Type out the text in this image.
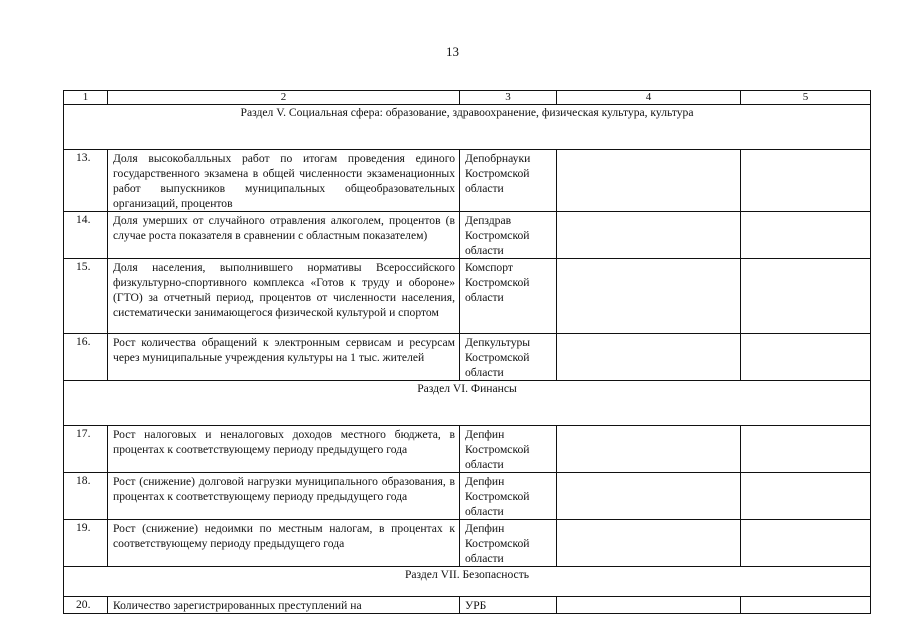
13
1	2	3	4	5
Раздел V. Социальная сфера: образование, здравоохранение, физическая культура, культура				
13.	Доля высокобалльных работ по итогам проведения единого государственного экзамена в общей численности экзаменационных работ выпускников муниципальных общеобразовательных организаций, процентов	Депобрнауки Костромской области		
14.	Доля умерших от случайного отравления алкоголем, процентов (в случае роста показателя в сравнении с областным показателем)	Депздрав Костромской области		
15.	Доля населения, выполнившего нормативы Всероссийского физкультурно-спортивного комплекса «Готов к труду и обороне» (ГТО) за отчетный период, процентов от численности населения, систематически занимающегося физической культурой и спортом	Комспорт Костромской области		
16.	Рост количества обращений к электронным сервисам и ресурсам через муниципальные учреждения культуры на 1 тыс. жителей	Депкультуры Костромской области		
Раздел VI. Финансы				
17.	Рост налоговых и неналоговых доходов местного бюджета, в процентах к соответствующему периоду предыдущего года	Депфин Костромской области		
18.	Рост (снижение) долговой нагрузки муниципального образования, в процентах к соответствующему периоду предыдущего года	Депфин Костромской области		
19.	Рост (снижение) недоимки по местным налогам, в процентах к соответствующему периоду предыдущего года	Депфин Костромской области		
Раздел VII. Безопасность				
20.	Количество зарегистрированных преступлений на	УРБ		
